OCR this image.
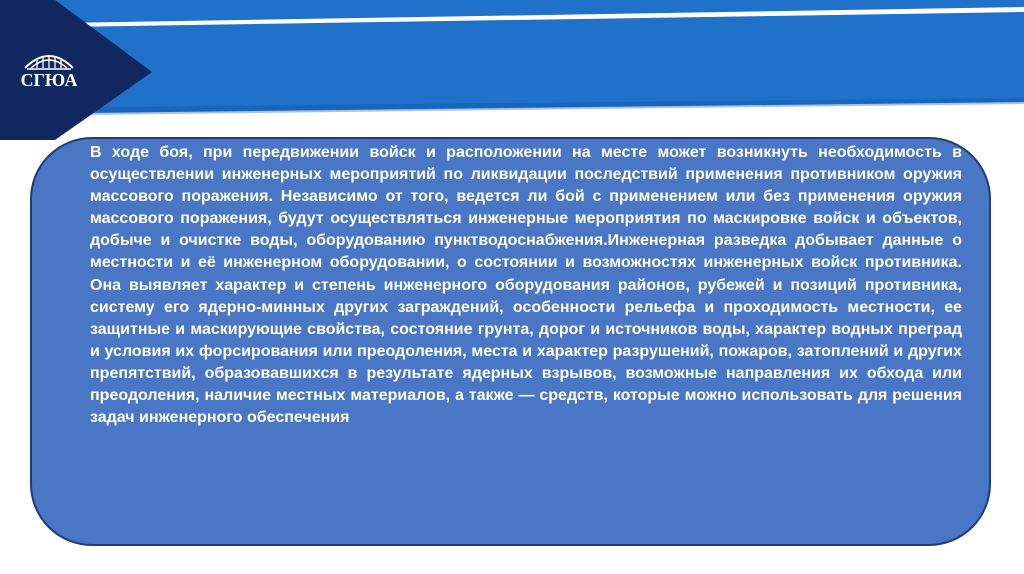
СГЮА

В ходе боя, при передвижении войск и расположении на месте может возникнуть необходимость в осуществлении инженерных мероприятий по ликвидации последствий применения противником оружия массового поражения. Независимо от того, ведется ли бой с применением или без применения оружия массового поражения, будут осуществляться инженерные мероприятия по маскировке войск и объектов, добыче и очистке воды, оборудованию пунктводоснабжения.Инженерная разведка добывает данные о местности и её инженерном оборудовании, о состоянии и возможностях инженерных войск противника. Она выявляет характер и степень инженерного оборудования районов, рубежей и позиций противника, систему его ядерно-минных других заграждений, особенности рельефа и проходимость местности, ее защитные и маскирующие свойства, состояние грунта, дорог и источников воды, характер водных преград и условия их форсирования или преодоления, места и характер разрушений, пожаров, затоплений и других препятствий, образовавшихся в результате ядерных взрывов, возможные направления их обхода или преодоления, наличие местных материалов, а также — средств, которые можно использовать для решения задач инженерного обеспечения
